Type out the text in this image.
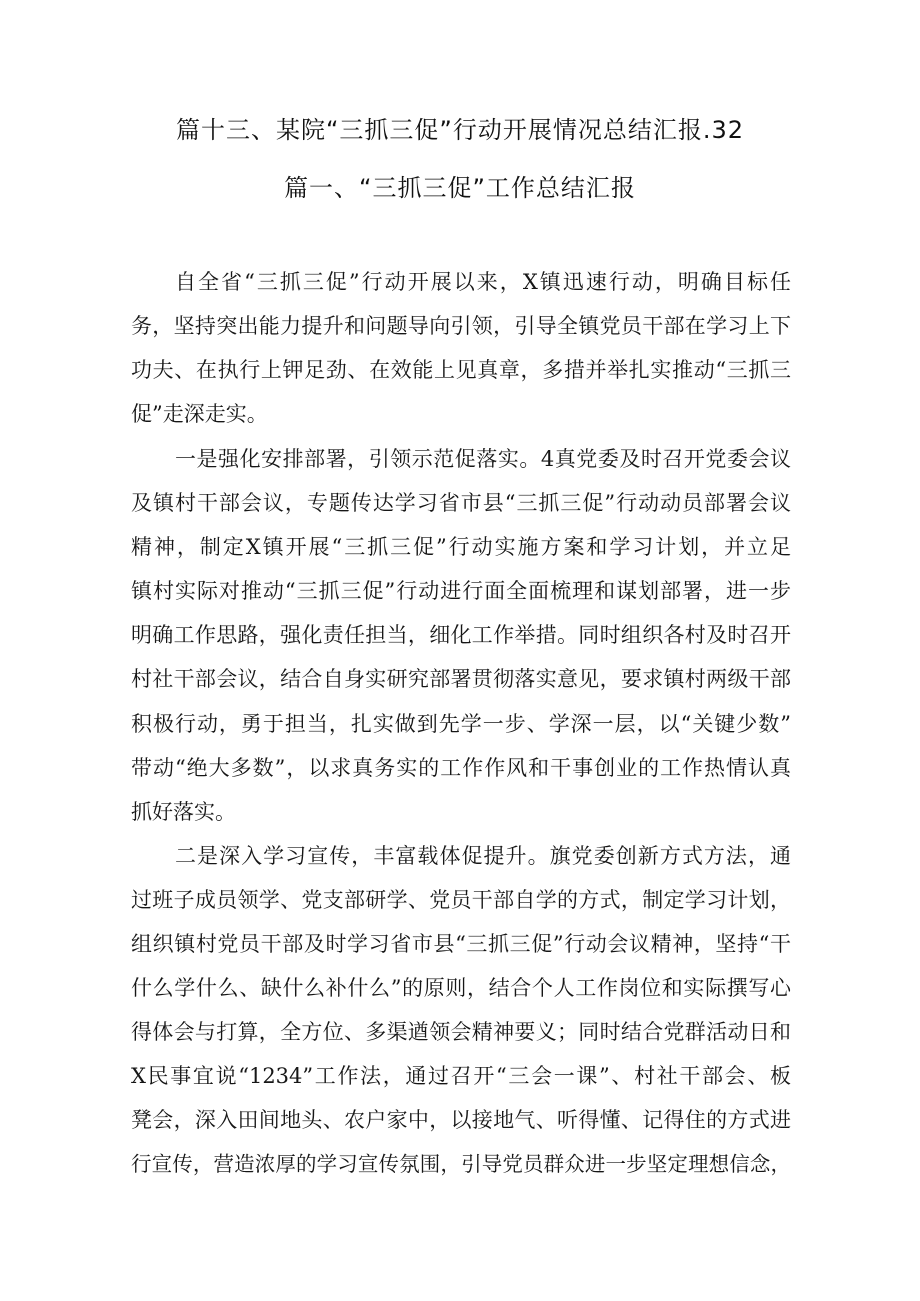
篇十三、某院“三抓三促”行动开展情况总结汇报.32
篇一、“三抓三促”工作总结汇报
自全省“三抓三促”行动开展以来，X镇迅速行动，明确目标任
务，坚持突出能力提升和问题导向引领，引导全镇党员干部在学习上下
功夫、在执行上钾足劲、在效能上见真章，多措并举扎实推动“三抓三
促”走深走实。
一是强化安排部署，引领示范促落实。4真党委及时召开党委会议
及镇村干部会议，专题传达学习省市县“三抓三促”行动动员部署会议
精神，制定X镇开展“三抓三促”行动实施方案和学习计划，并立足
镇村实际对推动“三抓三促”行动进行面全面梳理和谋划部署，进一步
明确工作思路，强化责任担当，细化工作举措。同时组织各村及时召开
村社干部会议，结合自身实研究部署贯彻落实意见，要求镇村两级干部
积极行动，勇于担当，扎实做到先学一步、学深一层，以“关键少数”
带动“绝大多数”，以求真务实的工作作风和干事创业的工作热情认真
抓好落实。
二是深入学习宣传，丰富载体促提升。旗党委创新方式方法，通
过班子成员领学、党支部研学、党员干部自学的方式，制定学习计划，
组织镇村党员干部及时学习省市县“三抓三促”行动会议精神，坚持“干
什么学什么、缺什么补什么”的原则，结合个人工作岗位和实际撰写心
得体会与打算，全方位、多渠遒领会精神要义；同时结合党群活动日和
X民事宜说“1234”工作法，通过召开“三会一课”、村社干部会、板
凳会，深入田间地头、农户家中，以接地气、听得懂、记得住的方式进
行宣传，营造浓厚的学习宣传氛围，引导党员群众进一步坚定理想信念，
